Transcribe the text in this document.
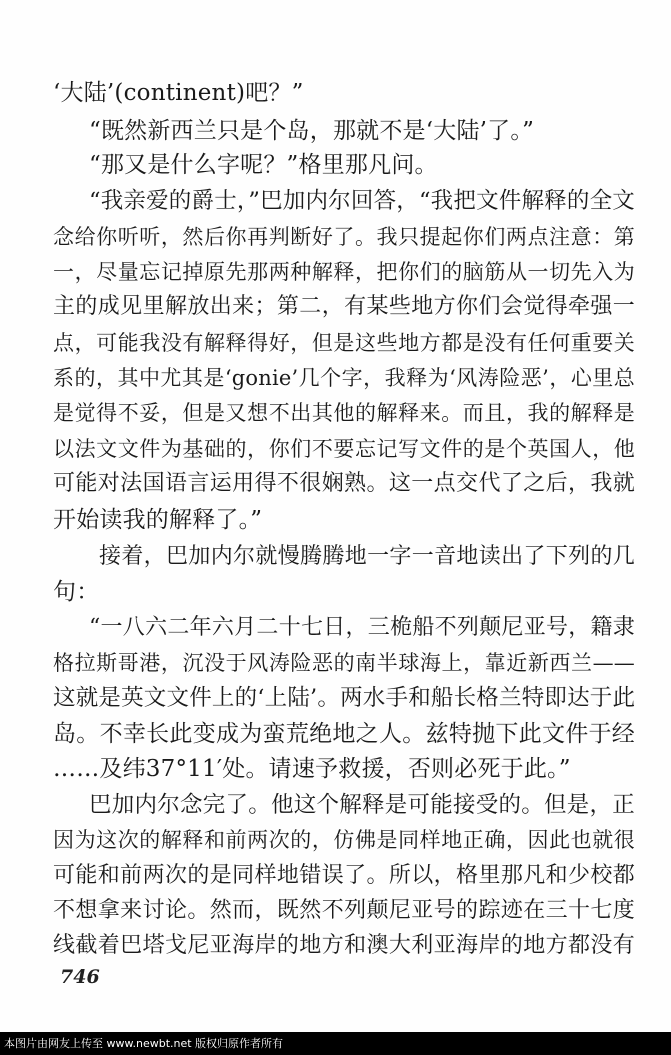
‘大陆’(continent)吧？”
“既然新西兰只是个岛，那就不是‘大陆’了。”
“那又是什么字呢？”格里那凡问。
“我亲爱的爵士，”巴加内尔回答，“我把文件解释的全文
念给你听听，然后你再判断好了。我只提起你们两点注意：第
一，尽量忘记掉原先那两种解释，把你们的脑筋从一切先入为
主的成见里解放出来；第二，有某些地方你们会觉得牵强一
点，可能我没有解释得好，但是这些地方都是没有任何重要关
系的，其中尤其是‘gonie’几个字，我释为‘风涛险恶’，心里总
是觉得不妥，但是又想不出其他的解释来。而且，我的解释是
以法文文件为基础的，你们不要忘记写文件的是个英国人，他
可能对法国语言运用得不很娴熟。这一点交代了之后，我就
开始读我的解释了。”
接着，巴加内尔就慢腾腾地一字一音地读出了下列的几
句：
“一八六二年六月二十七日，三桅船不列颠尼亚号，籍隶
格拉斯哥港，沉没于风涛险恶的南半球海上，靠近新西兰——
这就是英文文件上的‘上陆’。两水手和船长格兰特即达于此
岛。不幸长此变成为蛮荒绝地之人。兹特抛下此文件于经
……及纬37°11′处。请速予救援，否则必死于此。”
巴加内尔念完了。他这个解释是可能接受的。但是，正
因为这次的解释和前两次的，仿佛是同样地正确，因此也就很
可能和前两次的是同样地错误了。所以，格里那凡和少校都
不想拿来讨论。然而，既然不列颠尼亚号的踪迹在三十七度
线截着巴塔戈尼亚海岸的地方和澳大利亚海岸的地方都没有
746
本图片由网友上传至 www.newbt.net 版权归原作者所有
